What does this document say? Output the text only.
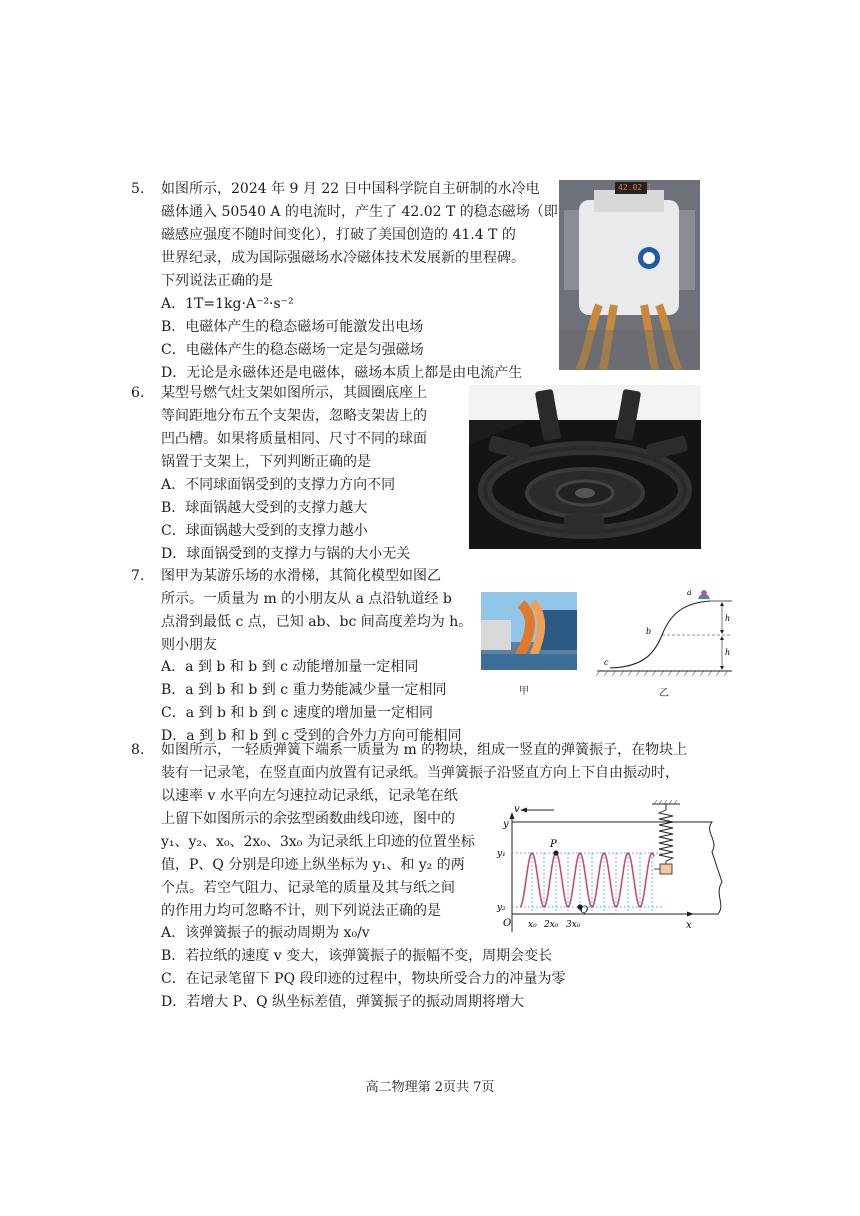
5. 如图所示，2024 年 9 月 22 日中国科学院自主研制的水冷电
磁体通入 50540 A 的电流时，产生了 42.02 T 的稳态磁场（即
磁感应强度不随时间变化），打破了美国创造的 41.4 T 的
世界纪录，成为国际强磁场水冷磁体技术发展新的里程碑。
下列说法正确的是
A．1T=1kg·A⁻²·s⁻²
B．电磁体产生的稳态磁场可能激发出电场
C．电磁体产生的稳态磁场一定是匀强磁场
D．无论是永磁体还是电磁体，磁场本质上都是由电流产生
42.02 T
6. 某型号燃气灶支架如图所示，其圆圈底座上
等间距地分布五个支架齿，忽略支架齿上的
凹凸槽。如果将质量相同、尺寸不同的球面
锅置于支架上，下列判断正确的是
A．不同球面锅受到的支撑力方向不同
B．球面锅越大受到的支撑力越大
C．球面锅越大受到的支撑力越小
D．球面锅受到的支撑力与锅的大小无关
7. 图甲为某游乐场的水滑梯，其简化模型如图乙
所示。一质量为 m 的小朋友从 a 点沿轨道经 b
点滑到最低 c 点，已知 ab、bc 间高度差均为 h。
则小朋友
A．a 到 b 和 b 到 c 动能增加量一定相同
B．a 到 b 和 b 到 c 重力势能减少量一定相同
C．a 到 b 和 b 到 c 速度的增加量一定相同
D．a 到 b 和 b 到 c 受到的合外力方向可能相同
甲
a
b
c
h
h
乙
8. 如图所示，一轻质弹簧下端系一质量为 m 的物块，组成一竖直的弹簧振子，在物块上
装有一记录笔，在竖直面内放置有记录纸。当弹簧振子沿竖直方向上下自由振动时，
以速率 v 水平向左匀速拉动记录纸，记录笔在纸
上留下如图所示的余弦型函数曲线印迹，图中的
y₁、y₂、x₀、2x₀、3x₀ 为记录纸上印迹的位置坐标
值，P、Q 分别是印迹上纵坐标为 y₁、和 y₂ 的两
个点。若空气阻力、记录笔的质量及其与纸之间
的作用力均可忽略不计，则下列说法正确的是
A．该弹簧振子的振动周期为 x₀/v
B．若拉纸的速度 v 变大，该弹簧振子的振幅不变，周期会变长
C．在记录笔留下 PQ 段印迹的过程中，物块所受合力的冲量为零
D．若增大 P、Q 纵坐标差值，弹簧振子的振动周期将增大
v
y
x
O
y₁
y₂
P
Q
x₀ 2x₀ 3x₀
高二物理第 2页共 7页
